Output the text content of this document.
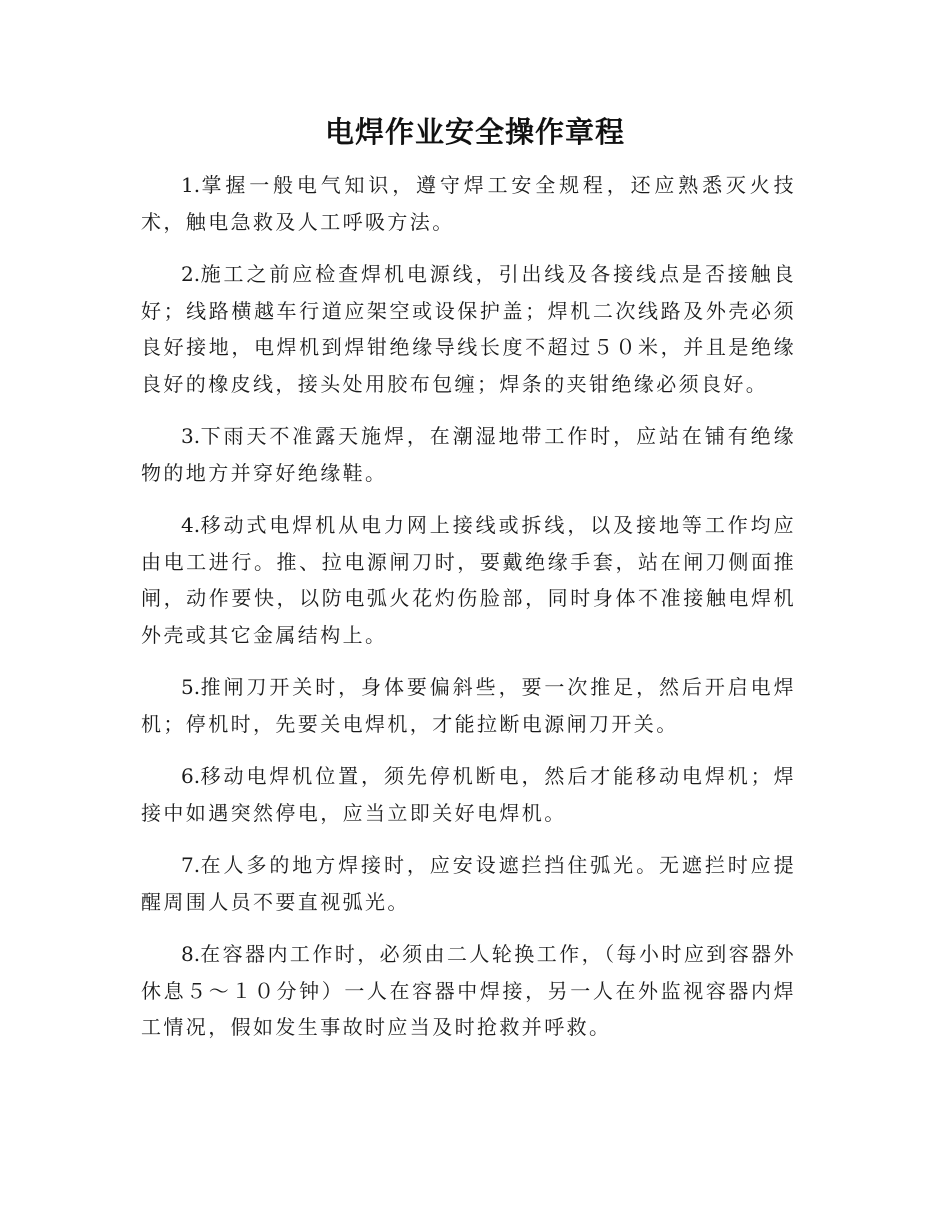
电焊作业安全操作章程

1.掌握一般电气知识，遵守焊工安全规程，还应熟悉灭火技术，触电急救及人工呼吸方法。

2.施工之前应检查焊机电源线，引出线及各接线点是否接触良好；线路横越车行道应架空或设保护盖；焊机二次线路及外壳必须良好接地，电焊机到焊钳绝缘导线长度不超过５０米，并且是绝缘良好的橡皮线，接头处用胶布包缠；焊条的夹钳绝缘必须良好。

3.下雨天不准露天施焊，在潮湿地带工作时，应站在铺有绝缘物的地方并穿好绝缘鞋。

4.移动式电焊机从电力网上接线或拆线，以及接地等工作均应由电工进行。推、拉电源闸刀时，要戴绝缘手套，站在闸刀侧面推闸，动作要快，以防电弧火花灼伤脸部，同时身体不准接触电焊机外壳或其它金属结构上。

5.推闸刀开关时，身体要偏斜些，要一次推足，然后开启电焊机；停机时，先要关电焊机，才能拉断电源闸刀开关。

6.移动电焊机位置，须先停机断电，然后才能移动电焊机；焊接中如遇突然停电，应当立即关好电焊机。

7.在人多的地方焊接时，应安设遮拦挡住弧光。无遮拦时应提醒周围人员不要直视弧光。

8.在容器内工作时，必须由二人轮换工作，（每小时应到容器外休息５～１０分钟）一人在容器中焊接，另一人在外监视容器内焊工情况，假如发生事故时应当及时抢救并呼救。
